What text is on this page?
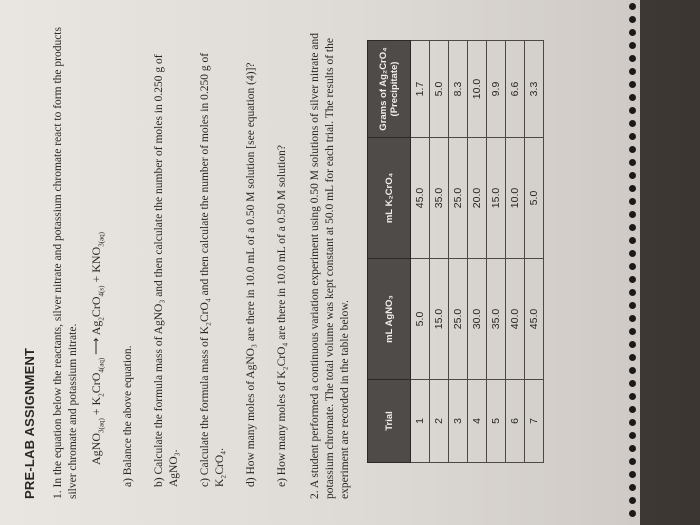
PRE-LAB ASSIGNMENT 1. In the equation below the reactants, silver nitrate and potassium chromate react to form the products silver chromate and potassium nitrate. AgNO$_{3(aq)}$ + $K_2CrO_{4(aq)}$ ⟶ $Ag_2CrO_{4(s)} + KNO_{3(aq)}$
a) Balance the above equation. b) Calculate the formula mass of AgNO₃ and then calculate the number of moles in 0.250 g of AgNO₃. c) Calculate the formula mass of K₂CrO₄ and then calculate the number of moles in 0.250 g of K₂CrO₄. d) How many moles of AgNO₃ are there in 10.0 mL of a 0.50 M solution [see equation (4)]? e) How many moles of K₂CrO₄ are there in 10.0 mL of a 0.50 M solution? 2. A student performed a continuous variation experiment using 0.50 M solutions of silver nitrate and potassium chromate. The total volume was kept constant at 50.0 mL for each trial. The results of the experiment are recorded in the table below.	Trial	mL AgNO₃	mL K₂CrO₄	Grams of Ag₂CrO₄ (Precipitate)
1	5.0	45.0	1.7
2	15.0	35.0	5.0
3	25.0	25.0	8.3
4	30.0	20.0	10.0
5	35.0	15.0	9.9
6	40.0	10.0	6.6
7	45.0	5.0	3.3
